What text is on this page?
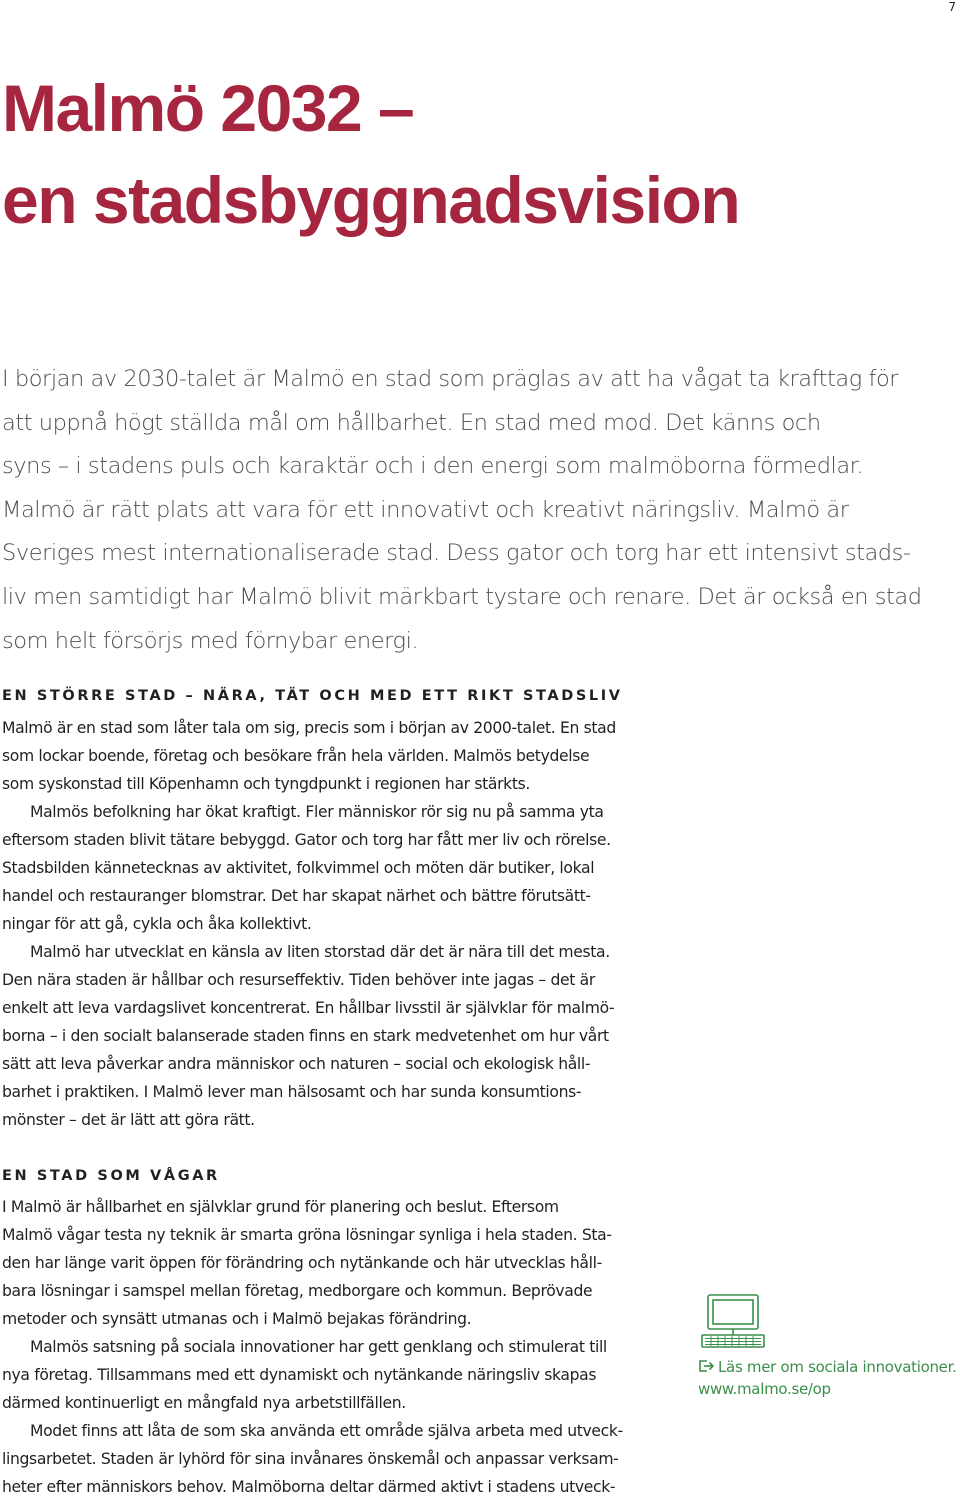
7
Malmö 2032 –
en stadsbyggnadsvision
I början av 2030-talet är Malmö en stad som präglas av att ha vågat ta krafttag för
att uppnå högt ställda mål om hållbarhet. En stad med mod. Det känns och
syns – i stadens puls och karaktär och i den energi som malmöborna förmedlar.
Malmö är rätt plats att vara för ett innovativt och kreativt näringsliv. Malmö är
Sveriges mest internationaliserade stad. Dess gator och torg har ett intensivt stads-
liv men samtidigt har Malmö blivit märkbart tystare och renare. Det är också en stad
som helt försörjs med förnybar energi.
EN STÖRRE STAD – NÄRA, TÄT OCH MED ETT RIKT STADSLIV
Malmö är en stad som låter tala om sig, precis som i början av 2000-talet. En stad
som lockar boende, företag och besökare från hela världen. Malmös betydelse
som syskonstad till Köpenhamn och tyngdpunkt i regionen har stärkts.
Malmös befolkning har ökat kraftigt. Fler människor rör sig nu på samma yta
eftersom staden blivit tätare bebyggd. Gator och torg har fått mer liv och rörelse.
Stadsbilden kännetecknas av aktivitet, folkvimmel och möten där butiker, lokal
handel och restauranger blomstrar. Det har skapat närhet och bättre förutsätt-
ningar för att gå, cykla och åka kollektivt.
Malmö har utvecklat en känsla av liten storstad där det är nära till det mesta.
Den nära staden är hållbar och resurseffektiv. Tiden behöver inte jagas – det är
enkelt att leva vardagslivet koncentrerat. En hållbar livsstil är självklar för malmö-
borna – i den socialt balanserade staden finns en stark medvetenhet om hur vårt
sätt att leva påverkar andra människor och naturen – social och ekologisk håll-
barhet i praktiken. I Malmö lever man hälsosamt och har sunda konsumtions-
mönster – det är lätt att göra rätt.
EN STAD SOM VÅGAR
I Malmö är hållbarhet en självklar grund för planering och beslut. Eftersom
Malmö vågar testa ny teknik är smarta gröna lösningar synliga i hela staden. Sta-
den har länge varit öppen för förändring och nytänkande och här utvecklas håll-
bara lösningar i samspel mellan företag, medborgare och kommun. Beprövade
metoder och synsätt utmanas och i Malmö bejakas förändring.
Malmös satsning på sociala innovationer har gett genklang och stimulerat till
nya företag. Tillsammans med ett dynamiskt och nytänkande näringsliv skapas
därmed kontinuerligt en mångfald nya arbetstillfällen.
Modet finns att låta de som ska använda ett område själva arbeta med utveck-
lingsarbetet. Staden är lyhörd för sina invånares önskemål och anpassar verksam-
heter efter människors behov. Malmöborna deltar därmed aktivt i stadens utveck-
Läs mer om sociala innovationer.
www.malmo.se/op
